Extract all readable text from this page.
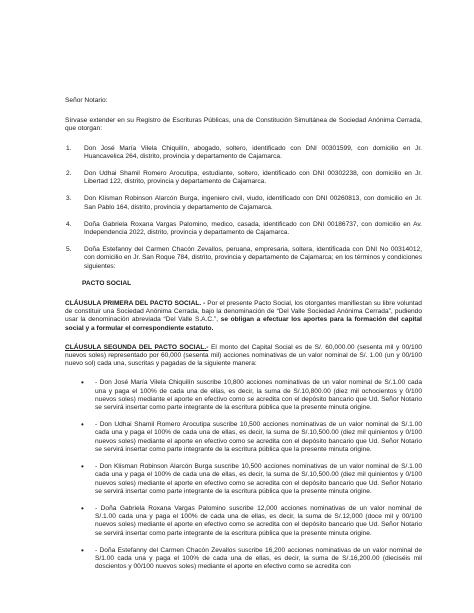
Señor Notario:

Sírvase extender en su Registro de Escrituras Públicas, una de Constitución Simultánea de Sociedad Anónima Cerrada, que otorgan:

1.	Don José María Vilela Chiquilín, abogado, soltero, identificado con DNI 00301599, con domicilio en Jr. Huancavelica 264, distrito, provincia y departamento de Cajamarca.
2.	Don Udhai Shamil Romero Arocutipa, estudiante, soltero, identificado con DNI 00302238, con domicilio en Jr. Libertad 122, distrito, provincia y departamento de Cajamarca.
3.	Don Klisman Robinson Alarcón Burga, ingeniero civil, viudo, identificado con DNI 00260813, con domicilio en Jr. San Pablo 164, distrito, provincia y departamento de Cajamarca.
4.	Doña Gabriela Roxana Vargas Palomino, medico, casada, identificado con DNI 00186737, con domicilio en Av. Independencia 2022, distrito, provincia y departamento de Cajamarca.
5.	Doña Estefanny del Carmen Chacón Zevallos, peruana, empresaria, soltera, identificada con DNI No 00314012, con domicilio en Jr. San Roque 784, distrito, provincia y departamento de Cajamarca; en los términos y condiciones siguientes:

PACTO SOCIAL

CLÁUSULA PRIMERA DEL PACTO SOCIAL. - Por el presente Pacto Social, los otorgantes manifiestan su libre voluntad de constituir una Sociedad Anónima Cerrada, bajo la denominación de “Del Valle Sociedad Anónima Cerrada”, pudiendo usar la denominación abreviada “Del Valle S.A.C.”, se obligan a efectuar los aportes para la formación del capital social y a formular el correspondiente estatuto.

CLÁUSULA SEGUNDA DEL PACTO SOCIAL.- El monto del Capital Social es de S/. 60,000.00 (sesenta mil y 00/100 nuevos soles) representado por 60,000 (sesenta mil) acciones nominativas de un valor nominal de S/. 1.00 (un y 00/100 nuevo sol) cada una, suscritas y pagadas de la siguiente manera:

•	- Don José María Vilela Chiquilín suscribe 10,800 acciones nominativas de un valor nominal de S/.1.00 cada una y paga el 100% de cada una de ellas, es decir, la suma de S/.10,800.00 (diez mil ochocientos y 0/100 nuevos soles) mediante el aporte en efectivo como se acredita con el depósito bancario que Ud. Señor Notario se servirá insertar como parte integrante de la escritura pública que la presente minuta origine.
•	- Don Udhai Shamil Romero Arocutipa suscribe 10,500 acciones nominativas de un valor nominal de S/.1.00 cada una y paga el 100% de cada una de ellas, es decir, la suma de S/.10,500.00 (diez mil quinientos y 0/100 nuevos soles) mediante el aporte en efectivo como se acredita con el depósito bancario que Ud. Señor Notario se servirá insertar como parte integrante de la escritura pública que la presente minuta origine.
•	- Don Klisman Robinson Alarcón Burga suscribe 10,500 acciones nominativas de un valor nominal de S/.1.00 cada una y paga el 100% de cada una de ellas, es decir, la suma de S/.10,500.00 (diez mil quinientos y 0/100 nuevos soles) mediante el aporte en efectivo como se acredita con el depósito bancario que Ud. Señor Notario se servirá insertar como parte integrante de la escritura pública que la presente minuta origine.
•	- Doña Gabriela Roxana Vargas Palomino suscribe 12,000 acciones nominativas de un valor nominal de S/.1.00 cada una y paga el 100% de cada una de ellas, es decir, la suma de S/.12,000 (doce mil y 00/100 nuevos soles) mediante el aporte en efectivo como se acredita con el depósito bancario que Ud. Señor Notario se servirá insertar como parte integrante de la escritura pública que la presente minuta origine.
•	- Doña Estefanny del Carmen Chacón Zevallos suscribe 16,200 acciones nominativas de un valor nominal de S/1.00 cada una y paga el 100% de cada una de ellas, es decir, la suma de S/.16,200.00 (dieciséis mil doscientos y 00/100 nuevos soles) mediante el aporte en efectivo como se acredita con
